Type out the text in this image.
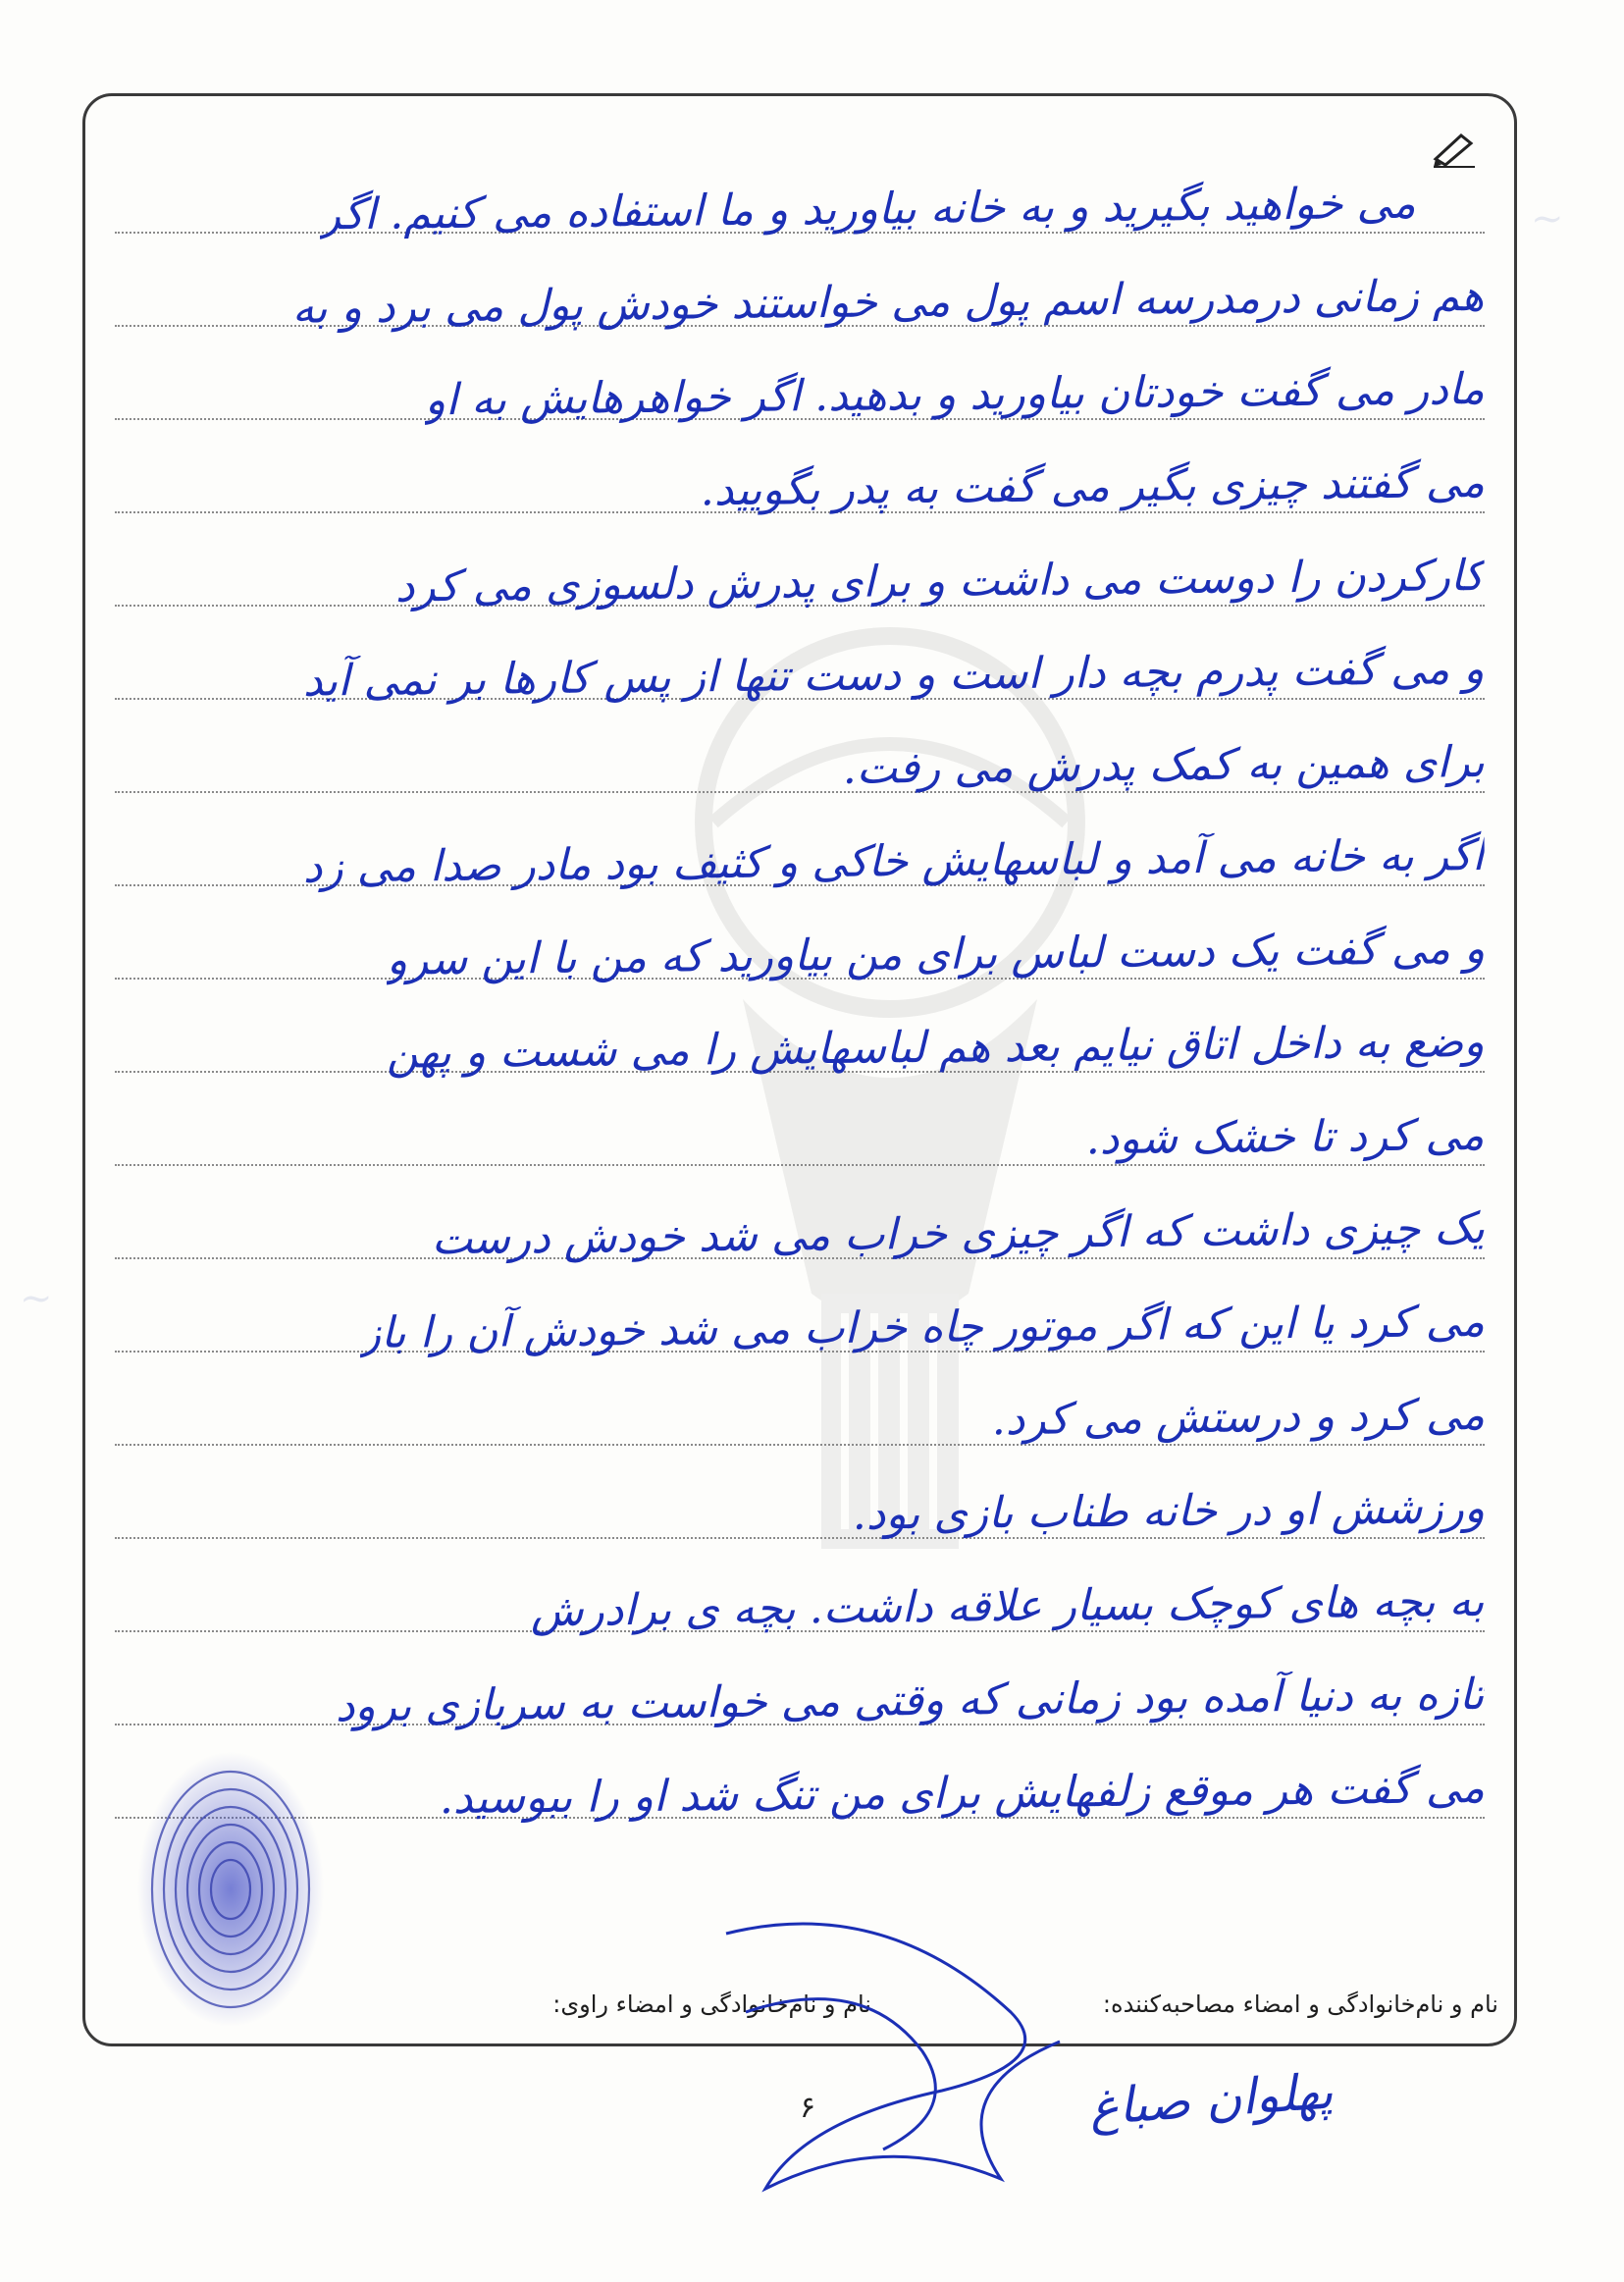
~
~
می خواهید بگیرید و به خانه بیاورید و ما استفاده می کنیم. اگر
هم زمانی درمدرسه اسم پول می خواستند خودش پول می برد و به
مادر می گفت خودتان بیاورید و بدهید. اگر خواهرهایش به او
می گفتند چیزی بگیر می گفت به پدر بگویید.
کارکردن را دوست می داشت و برای پدرش دلسوزی می کرد
و می گفت پدرم بچه دار است و دست تنها از پس کارها بر نمی آید
برای همین به کمک پدرش می رفت.
اگر به خانه می آمد و لباسهایش خاکی و کثیف بود مادر صدا می زد
و می گفت یک دست لباس برای من بیاورید که من با این سرو
وضع به داخل اتاق نیایم بعد هم لباسهایش را می شست و پهن
می کرد تا خشک شود.
یک چیزی داشت که اگر چیزی خراب می شد خودش درست
می کرد یا این که اگر موتور چاه خراب می شد خودش آن را باز
می کرد و درستش می کرد.
ورزشش او در خانه طناب بازی بود.
به بچه های کوچک بسیار علاقه داشت. بچه ی برادرش
تازه به دنیا آمده بود زمانی که وقتی می خواست به سربازی برود
می گفت هر موقع زلفهایش برای من تنگ شد او را ببوسید.
نام و نام‌خانوادگی و امضاء مصاحبه‌کننده:
نام و نام‌خانوادگی و امضاء راوی:
۶	پهلوان صباغ
